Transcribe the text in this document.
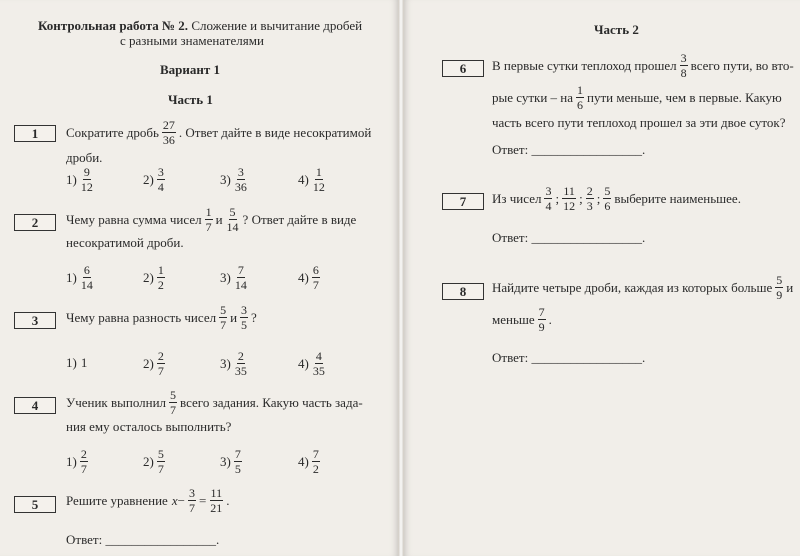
Контрольная работа № 2. Сложение и вычитание дробей
с разными знаменателями
Вариант 1
Часть 1
1	Сократите дробь $\frac{27}{36}$ . Ответ дайте в виде несократимой
дроби.
$1) \frac{9}{12}$	$2) \frac{3}{4}$	$3) \frac{3}{36}$	$4) \frac{1}{12}$
2	Чему равна сумма чисел $\frac{1}{7}$ и $\frac{5}{14}$ ? Ответ дайте в виде
несократимой дроби.
$1) \frac{6}{14}$	$2) \frac{1}{2}$	$3) \frac{7}{14}$	$4) \frac{6}{7}$
3	Чему равна разность чисел $\frac{5}{7}$ и $\frac{3}{5}$ ?
1) 1	$2) \frac{2}{7}$	$3) \frac{2}{35}$	$4) \frac{4}{35}$
4	Ученик выполнил $\frac{5}{7}$ всего задания. Какую часть зада-
ния ему осталось выполнить?
$1) \frac{2}{7}$	$2) \frac{5}{7}$	$3) \frac{7}{5}$	$4) \frac{7}{2}$
5	Решите уравнение $x - \frac{3}{7} = \frac{11}{21}$ .
Ответ: _________________.
Часть 2
6	В первые сутки теплоход прошел $\frac{3}{8}$ всего пути, во вто-
рые сутки – на $\frac{1}{6}$ пути меньше, чем в первые. Какую
часть всего пути теплоход прошел за эти двое суток?
Ответ: _________________.
7	Из чисел $\frac{3}{4}$ ; $\frac{11}{12}$ ; $\frac{2}{3}$ ; $\frac{5}{6}$ выберите наименьшее.
Ответ: _________________.
8	Найдите четыре дроби, каждая из которых больше $\frac{5}{9}$ и
меньше $\frac{7}{9}$ .
Ответ: _________________.
